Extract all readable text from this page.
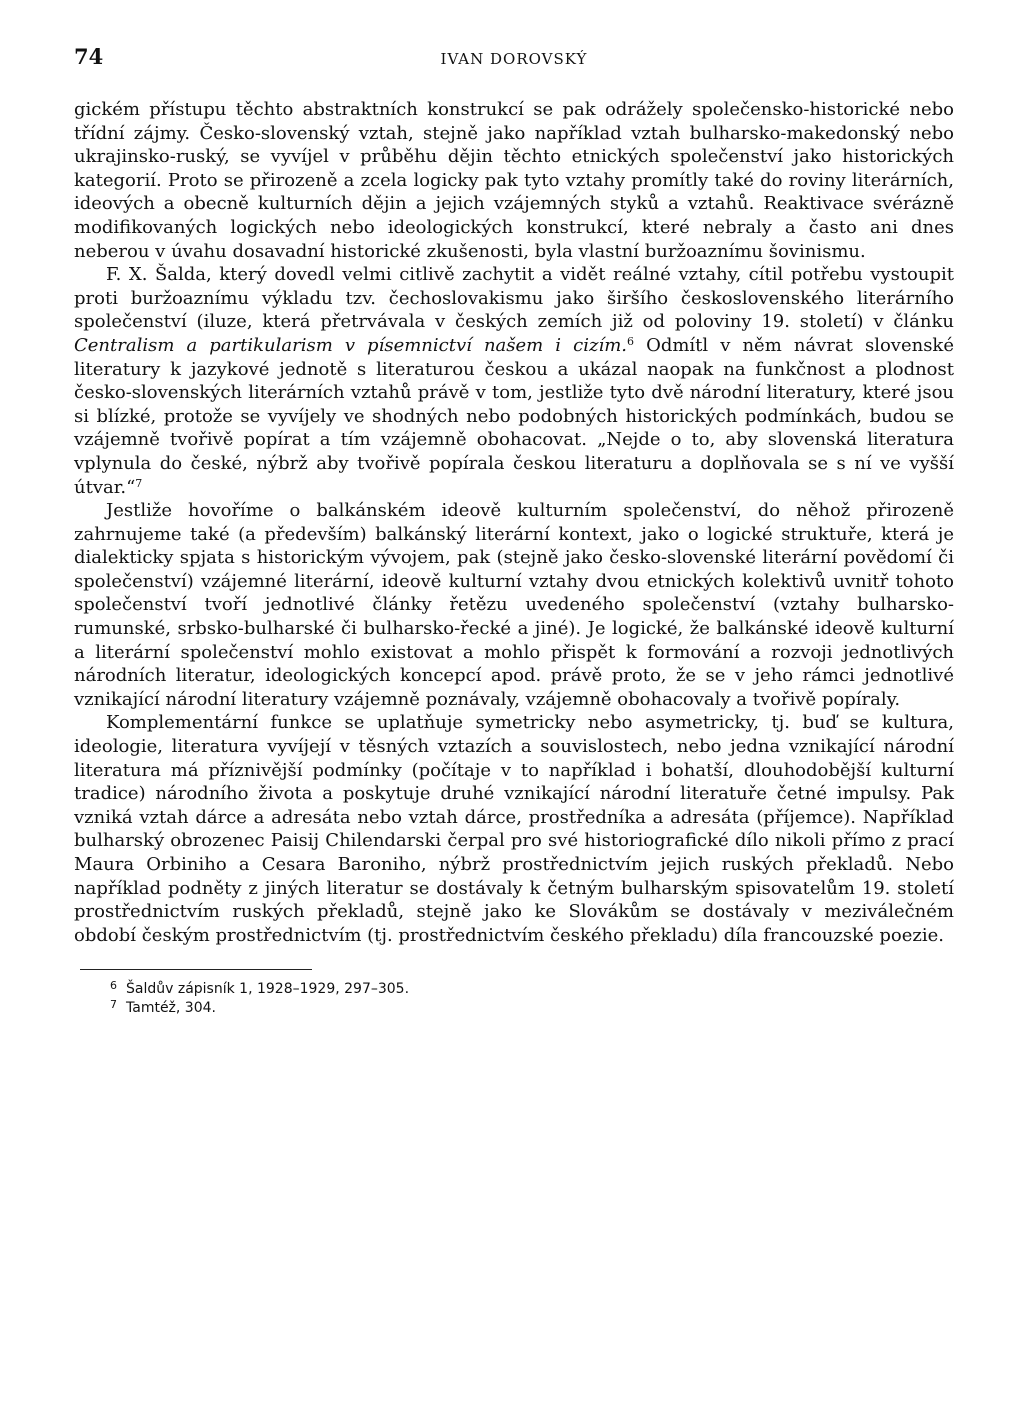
74	IVAN DOROVSKÝ

gickém přístupu těchto abstraktních konstrukcí se pak odrážely společensko-historické nebo třídní zájmy. Česko-slovenský vztah, stejně jako například vztah bulharsko-makedonský nebo ukrajinsko-ruský, se vyvíjel v průběhu dějin těchto etnických společenství jako historických kategorií. Proto se přirozeně a zcela logicky pak tyto vztahy promítly také do roviny literárních, ideových a obecně kulturních dějin a jejich vzájemných styků a vztahů. Reaktivace svérázně modifikovaných logických nebo ideologických konstrukcí, které nebraly a často ani dnes neberou v úvahu dosavadní historické zkušenosti, byla vlastní buržoaznímu šovinismu.

F. X. Šalda, který dovedl velmi citlivě zachytit a vidět reálné vztahy, cítil potřebu vystoupit proti buržoaznímu výkladu tzv. čechoslovakismu jako širšího československého literárního společenství (iluze, která přetrvávala v českých zemích již od poloviny 19. století) v článku Centralism a partikularism v písemnictví našem i cizím.$^6$ Odmítl v něm návrat slovenské literatury k jazykové jednotě s literaturou českou a ukázal naopak na funkčnost a plodnost česko-slovenských literárních vztahů právě v tom, jestliže tyto dvě národní literatury, které jsou si blízké, protože se vyvíjely ve shodných nebo podobných historických podmínkách, budou se vzájemně tvořivě popírat a tím vzájemně obohacovat. „Nejde o to, aby slovenská literatura vplynula do české, nýbrž aby tvořivě popírala českou literaturu a doplňovala se s ní ve vyšší útvar.“$^7$

Jestliže hovoříme o balkánském ideově kulturním společenství, do něhož přirozeně zahrnujeme také (a především) balkánský literární kontext, jako o logické struktuře, která je dialekticky spjata s historickým vývojem, pak (stejně jako česko-slovenské literární povědomí či společenství) vzájemné literární, ideově kulturní vztahy dvou etnických kolektivů uvnitř tohoto společenství tvoří jednotlivé články řetězu uvedeného společenství (vztahy bulharsko-rumunské, srbsko-bulharské či bulharsko-řecké a jiné). Je logické, že balkánské ideově kulturní a literární společenství mohlo existovat a mohlo přispět k formování a rozvoji jednotlivých národních literatur, ideologických koncepcí apod. právě proto, že se v jeho rámci jednotlivé vznikající národní literatury vzájemně poznávaly, vzájemně obohacovaly a tvořivě popíraly.

Komplementární funkce se uplatňuje symetricky nebo asymetricky, tj. buď se kultura, ideologie, literatura vyvíjejí v těsných vztazích a souvislostech, nebo jedna vznikající národní literatura má příznivější podmínky (počítaje v to například i bohatší, dlouhodobější kulturní tradice) národního života a poskytuje druhé vznikající národní literatuře četné impulsy. Pak vzniká vztah dárce a adresáta nebo vztah dárce, prostředníka a adresáta (příjemce). Například bulharský obrozenec Paisij Chilendarski čerpal pro své historiografické dílo nikoli přímo z prací Maura Orbiniho a Cesara Baroniho, nýbrž prostřednictvím jejich ruských překladů. Nebo například podněty z jiných literatur se dostávaly k četným bulharským spisovatelům 19. století prostřednictvím ruských překladů, stejně jako ke Slovákům se dostávaly v meziválečném období českým prostřednictvím (tj. prostřednictvím českého překladu) díla francouzské poezie.

6 Šaldův zápisník 1, 1928–1929, 297–305.
7 Tamtéž, 304.
